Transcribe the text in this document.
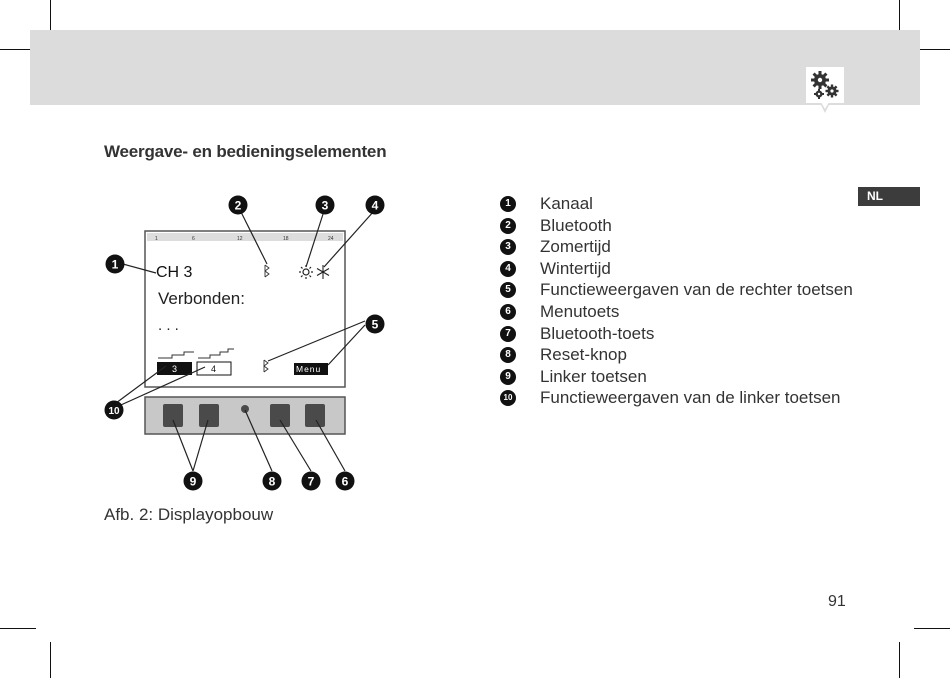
Weergave- en bedieningselementen
NL
1	6	12	18	24
CH 3
Verbonden:
. . .
3	4	Menu
1
2	3	4
5
6
7
8
9
10
Afb. 2: Displayopbouw
1	Kanaal
2	Bluetooth
3	Zomertijd
4	Wintertijd
5	Functieweergaven van de rechter toetsen
6	Menutoets
7	Bluetooth-toets
8	Reset-knop
9	Linker toetsen
10 Functieweergaven van de linker toetsen
91
